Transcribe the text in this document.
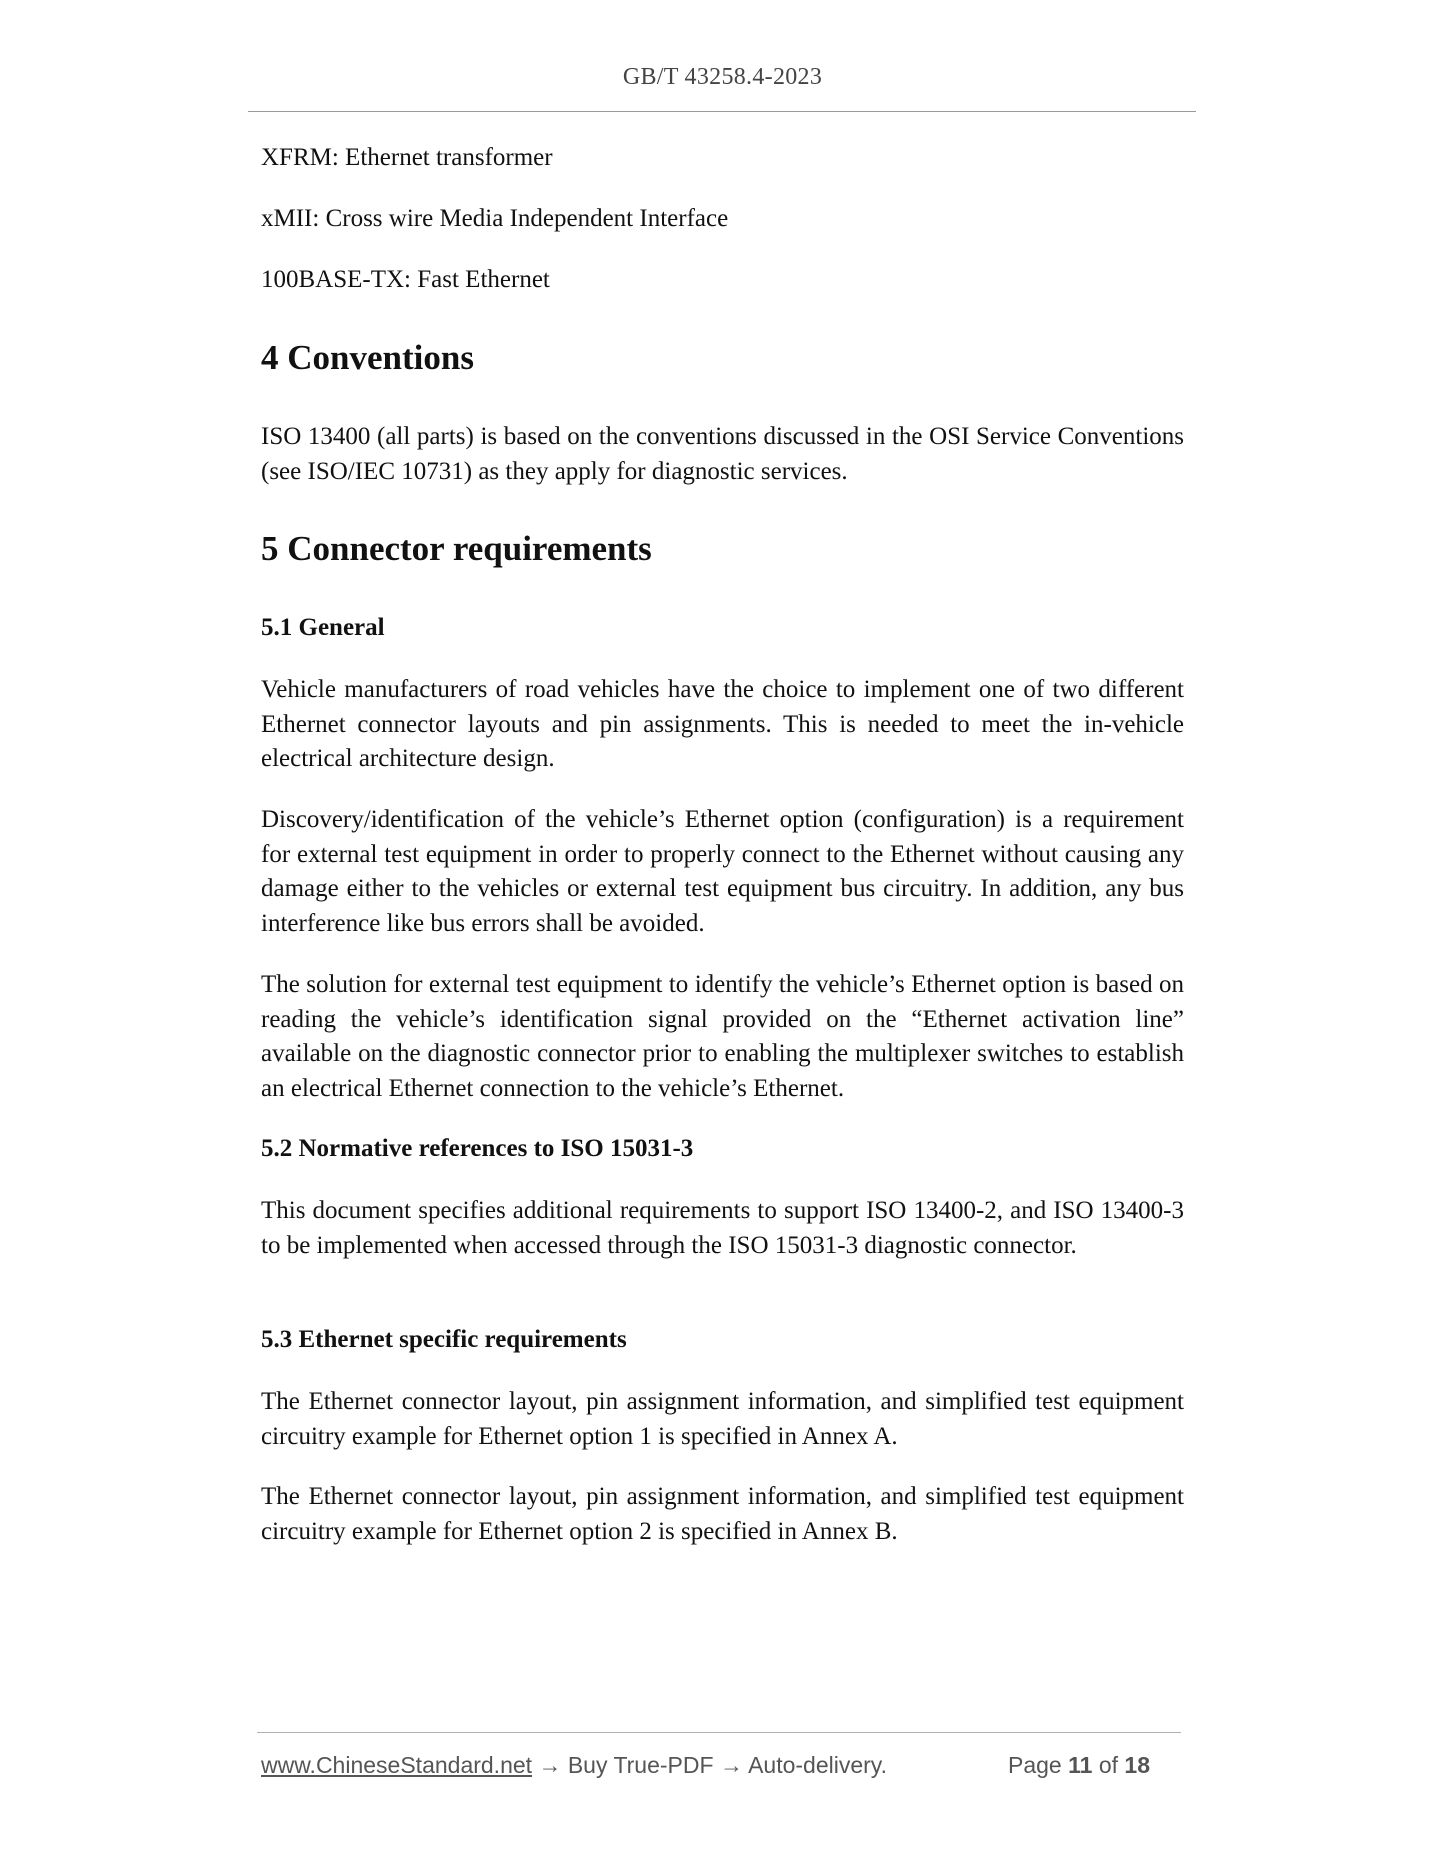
GB/T 43258.4-2023
XFRM: Ethernet transformer
xMII: Cross wire Media Independent Interface
100BASE-TX: Fast Ethernet
4 Conventions
ISO 13400 (all parts) is based on the conventions discussed in the OSI Service Conventions (see ISO/IEC 10731) as they apply for diagnostic services.
5 Connector requirements
5.1 General
Vehicle manufacturers of road vehicles have the choice to implement one of two different Ethernet connector layouts and pin assignments. This is needed to meet the in-vehicle electrical architecture design.
Discovery/identification of the vehicle’s Ethernet option (configuration) is a requirement for external test equipment in order to properly connect to the Ethernet without causing any damage either to the vehicles or external test equipment bus circuitry. In addition, any bus interference like bus errors shall be avoided.
The solution for external test equipment to identify the vehicle’s Ethernet option is based on reading the vehicle’s identification signal provided on the “Ethernet activation line” available on the diagnostic connector prior to enabling the multiplexer switches to establish an electrical Ethernet connection to the vehicle’s Ethernet.
5.2 Normative references to ISO 15031-3
This document specifies additional requirements to support ISO 13400-2, and ISO 13400-3 to be implemented when accessed through the ISO 15031-3 diagnostic connector.
5.3 Ethernet specific requirements
The Ethernet connector layout, pin assignment information, and simplified test equipment circuitry example for Ethernet option 1 is specified in Annex A.
The Ethernet connector layout, pin assignment information, and simplified test equipment circuitry example for Ethernet option 2 is specified in Annex B.
www.ChineseStandard.net → Buy True-PDF → Auto-delivery.	Page 11 of 18
